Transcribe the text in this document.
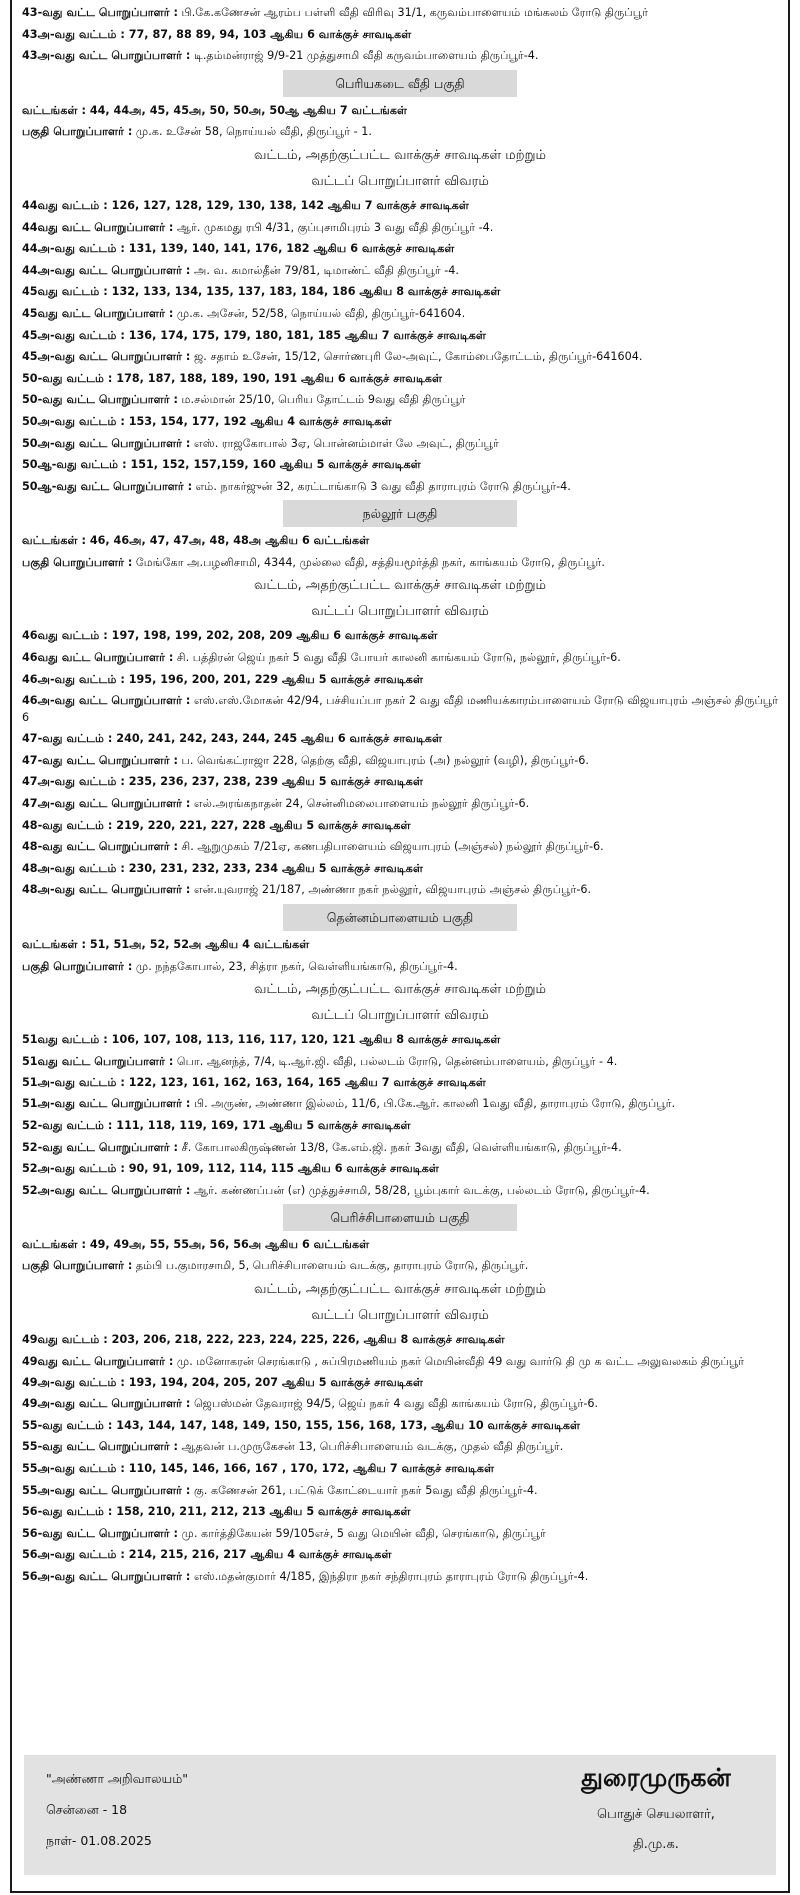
43-வது வட்ட பொறுப்பாளர் : பி.கே.கணேசன் ஆரம்ப பள்ளி வீதி விரிவு 31/1, கருவம்பாளையம் மங்கலம் ரோடு திருப்பூர்
43அ-வது வட்டம் : 77, 87, 88 89, 94, 103 ஆகிய 6 வாக்குச் சாவடிகள்
43அ-வது வட்ட பொறுப்பாளர் : டி.தம்மன்ராஜ் 9/9-21 முத்துசாமி வீதி கருவம்பாளையம் திருப்பூர்-4.
பெரியகடை வீதி பகுதி
வட்டங்கள் : 44, 44அ, 45, 45அ, 50, 50அ, 50ஆ ஆகிய 7 வட்டங்கள்
பகுதி பொறுப்பாளர் : மு.க. உசேன் 58, நொய்யல் வீதி, திருப்பூர் - 1.
வட்டம், அதற்குட்பட்ட வாக்குச் சாவடிகள் மற்றும்
வட்டப் பொறுப்பாளர் விவரம்
44வது வட்டம் : 126, 127, 128, 129, 130, 138, 142 ஆகிய 7 வாக்குச் சாவடிகள்
44வது வட்ட பொறுப்பாளர் : ஆர். முகமது ரபி 4/31, குப்புசாமிபுரம் 3 வது வீதி திருப்பூர் -4.
44அ-வது வட்டம் : 131, 139, 140, 141, 176, 182 ஆகிய 6 வாக்குச் சாவடிகள்
44அ-வது வட்ட பொறுப்பாளர் : அ. வ. கமால்தீன் 79/81, டிமாண்ட் வீதி திருப்பூர் -4.
45வது வட்டம் : 132, 133, 134, 135, 137, 183, 184, 186 ஆகிய 8 வாக்குச் சாவடிகள்
45வது வட்ட பொறுப்பாளர் : மு.க. அசேன், 52/58, நொய்யல் வீதி, திருப்பூர்-641604.
45அ-வது வட்டம் : 136, 174, 175, 179, 180, 181, 185 ஆகிய 7 வாக்குச் சாவடிகள்
45அ-வது வட்ட பொறுப்பாளர் : ஜ. சதாம் உசேன், 15/12, சொர்ணபுரி லே-அவுட், கோம்பைதோட்டம், திருப்பூர்-641604.
50-வது வட்டம் : 178, 187, 188, 189, 190, 191 ஆகிய 6 வாக்குச் சாவடிகள்
50-வது வட்ட பொறுப்பாளர் : ம.சல்மான் 25/10, பெரிய தோட்டம் 9வது வீதி திருப்பூர்
50அ-வது வட்டம் : 153, 154, 177, 192 ஆகிய 4 வாக்குச் சாவடிகள்
50அ-வது வட்ட பொறுப்பாளர் : எஸ். ராஜகோபால் 3ஏ, பொன்னம்மாள் லே அவுட், திருப்பூர்
50ஆ-வது வட்டம் : 151, 152, 157,159, 160 ஆகிய 5 வாக்குச் சாவடிகள்
50ஆ-வது வட்ட பொறுப்பாளர் : எம். நாகர்ஜுன் 32, கரட்டாங்காடு 3 வது வீதி தாராபுரம் ரோடு திருப்பூர்-4.
நல்லூர் பகுதி
வட்டங்கள் : 46, 46அ, 47, 47அ, 48, 48அ ஆகிய 6 வட்டங்கள்
பகுதி பொறுப்பாளர் : மேங்கோ அ.பழனிசாமி, 4344, முல்லை வீதி, சத்தியமூர்த்தி நகர், காங்கயம் ரோடு, திருப்பூர்.
வட்டம், அதற்குட்பட்ட வாக்குச் சாவடிகள் மற்றும்
வட்டப் பொறுப்பாளர் விவரம்
46வது வட்டம் : 197, 198, 199, 202, 208, 209 ஆகிய 6 வாக்குச் சாவடிகள்
46வது வட்ட பொறுப்பாளர் : சி. பத்திரன் ஜெய் நகர் 5 வது வீதி போயர் காலனி காங்கயம் ரோடு, நல்லூர், திருப்பூர்-6.
46அ-வது வட்டம் : 195, 196, 200, 201, 229 ஆகிய 5 வாக்குச் சாவடிகள்
46அ-வது வட்ட பொறுப்பாளர் : எஸ்.எஸ்.மோகன் 42/94, பச்சியப்பா நகர் 2 வது வீதி மணியக்காரம்பாளையம் ரோடு விஜயாபுரம் அஞ்சல் திருப்பூர் 6
47-வது வட்டம் : 240, 241, 242, 243, 244, 245 ஆகிய 6 வாக்குச் சாவடிகள்
47-வது வட்ட பொறுப்பாளர் : ப. வெங்கட்ராஜா 228, தெற்கு வீதி, விஜயாபுரம் (அ) நல்லூர் (வழி), திருப்பூர்-6.
47அ-வது வட்டம் : 235, 236, 237, 238, 239 ஆகிய 5 வாக்குச் சாவடிகள்
47அ-வது வட்ட பொறுப்பாளர் : எல்.அரங்கநாதன் 24, சென்னிமலைபாளையம் நல்லூர் திருப்பூர்-6.
48-வது வட்டம் : 219, 220, 221, 227, 228 ஆகிய 5 வாக்குச் சாவடிகள்
48-வது வட்ட பொறுப்பாளர் : சி. ஆறுமுகம் 7/21ஏ, கணபதிபாளையம் விஜயாபுரம் (அஞ்சல்) நல்லூர் திருப்பூர்-6.
48அ-வது வட்டம் : 230, 231, 232, 233, 234 ஆகிய 5 வாக்குச் சாவடிகள்
48அ-வது வட்ட பொறுப்பாளர் : என்.யுவராஜ் 21/187, அண்ணா நகர் நல்லூர், விஜயாபுரம் அஞ்சல் திருப்பூர்-6.
தென்னம்பாளையம் பகுதி
வட்டங்கள் : 51, 51அ, 52, 52அ ஆகிய 4 வட்டங்கள்
பகுதி பொறுப்பாளர் : மு. நந்தகோபால், 23, சித்ரா நகர், வெள்ளியங்காடு, திருப்பூர்-4.
வட்டம், அதற்குட்பட்ட வாக்குச் சாவடிகள் மற்றும்
வட்டப் பொறுப்பாளர் விவரம்
51வது வட்டம் : 106, 107, 108, 113, 116, 117, 120, 121 ஆகிய 8 வாக்குச் சாவடிகள்
51வது வட்ட பொறுப்பாளர் : பொ. ஆனந்த், 7/4, டி.ஆர்.ஜி. வீதி, பல்லடம் ரோடு, தென்னம்பாளையம், திருப்பூர் - 4.
51அ-வது வட்டம் : 122, 123, 161, 162, 163, 164, 165 ஆகிய 7 வாக்குச் சாவடிகள்
51அ-வது வட்ட பொறுப்பாளர் : பி. அருண், அண்ணா இல்லம், 11/6, பி.கே.ஆர். காலனி 1வது வீதி, தாராபுரம் ரோடு, திருப்பூர்.
52-வது வட்டம் : 111, 118, 119, 169, 171 ஆகிய 5 வாக்குச் சாவடிகள்
52-வது வட்ட பொறுப்பாளர் : சீ. கோபாலகிருஷ்ணன் 13/8, கே.எம்.ஜி. நகர் 3வது வீதி, வெள்ளியங்காடு, திருப்பூர்-4.
52அ-வது வட்டம் : 90, 91, 109, 112, 114, 115 ஆகிய 6 வாக்குச் சாவடிகள்
52அ-வது வட்ட பொறுப்பாளர் : ஆர். கண்ணப்பன் (எ) முத்துச்சாமி, 58/28, பூம்புகார் வடக்கு, பல்லடம் ரோடு, திருப்பூர்-4.
பெரிச்சிபாளையம் பகுதி
வட்டங்கள் : 49, 49அ, 55, 55அ, 56, 56அ ஆகிய 6 வட்டங்கள்
பகுதி பொறுப்பாளர் : தம்பி ப.குமாரசாமி, 5, பெரிச்சிபாளையம் வடக்கு, தாராபுரம் ரோடு, திருப்பூர்.
வட்டம், அதற்குட்பட்ட வாக்குச் சாவடிகள் மற்றும்
வட்டப் பொறுப்பாளர் விவரம்
49வது வட்டம் : 203, 206, 218, 222, 223, 224, 225, 226, ஆகிய 8 வாக்குச் சாவடிகள்
49வது வட்ட பொறுப்பாளர் : மு. மனோகரன் செரங்காடு , சுப்பிரமணியம் நகர் மெயின்வீதி 49 வது வார்டு தி மு க வட்ட அலுவலகம் திருப்பூர்
49அ-வது வட்டம் : 193, 194, 204, 205, 207 ஆகிய 5 வாக்குச் சாவடிகள்
49அ-வது வட்ட பொறுப்பாளர் : ஜெபஸ்மன் தேவராஜ் 94/5, ஜெய் நகர் 4 வது வீதி காங்கயம் ரோடு, திருப்பூர்-6.
55-வது வட்டம் : 143, 144, 147, 148, 149, 150, 155, 156, 168, 173, ஆகிய 10 வாக்குச் சாவடிகள்
55-வது வட்ட பொறுப்பாளர் : ஆதவன் ப.முருகேசன் 13, பெரிச்சிபாளையம் வடக்கு, முதல் வீதி திருப்பூர்.
55அ-வது வட்டம் : 110, 145, 146, 166, 167 , 170, 172, ஆகிய 7 வாக்குச் சாவடிகள்
55அ-வது வட்ட பொறுப்பாளர் : கு. கணேசன் 261, பட்டுக் கோட்டையார் நகர் 5வது வீதி திருப்பூர்-4.
56-வது வட்டம் : 158, 210, 211, 212, 213 ஆகிய 5 வாக்குச் சாவடிகள்
56-வது வட்ட பொறுப்பாளர் : மு. கார்த்திகேயன் 59/105எச், 5 வது மெயின் வீதி, செரங்காடு, திருப்பூர்
56அ-வது வட்டம் : 214, 215, 216, 217 ஆகிய 4 வாக்குச் சாவடிகள்
56அ-வது வட்ட பொறுப்பாளர் : எஸ்.மதன்குமார் 4/185, இந்திரா நகர் சந்திராபுரம் தாராபுரம் ரோடு திருப்பூர்-4.
"அண்ணா அறிவாலயம்"
சென்னை - 18
நாள்- 01.08.2025
துரைமுருகன்
பொதுச் செயலாளர்,
தி.மு.க.
